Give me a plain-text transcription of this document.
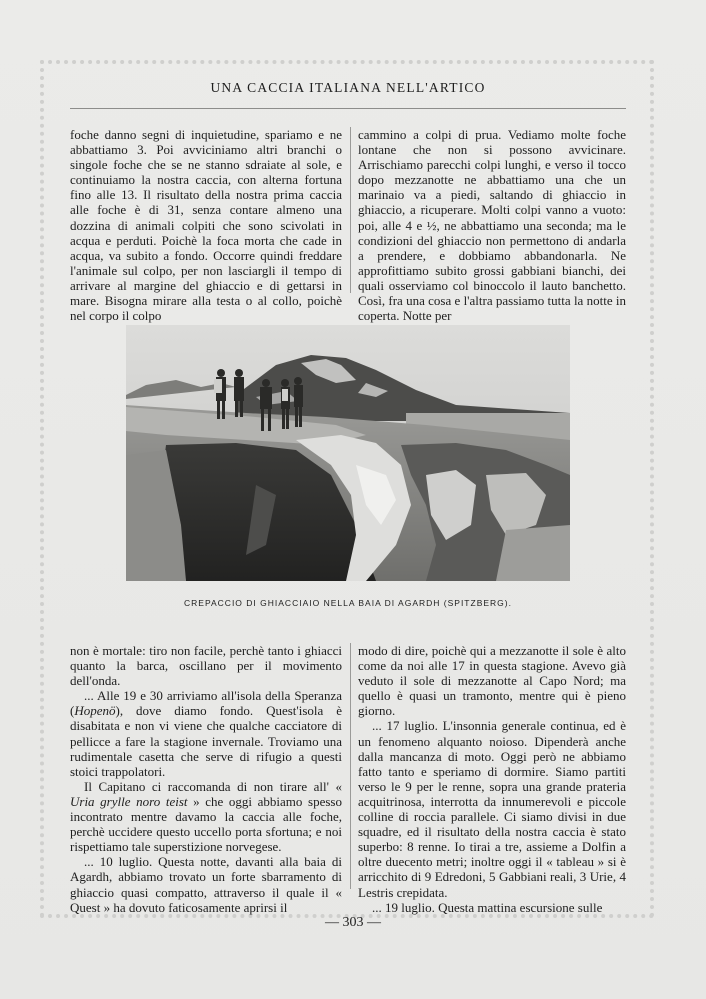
UNA CACCIA ITALIANA NELL'ARTICO

foche danno segni di inquietudine, spariamo e ne abbattiamo 3. Poi avviciniamo altri branchi o singole foche che se ne stanno sdraiate al sole, e continuiamo la nostra caccia, con alterna fortuna fino alle 13. Il risultato della nostra prima caccia alle foche è di 31, senza contare almeno una dozzina di animali colpiti che sono scivolati in acqua e perduti. Poichè la foca morta che cade in acqua, va subito a fondo. Occorre quindi freddare l'animale sul colpo, per non lasciargli il tempo di arrivare al margine del ghiaccio e di gettarsi in mare. Bisogna mirare alla testa o al collo, poichè nel corpo il colpo

cammino a colpi di prua. Vediamo molte foche lontane che non si possono avvicinare. Arrischiamo parecchi colpi lunghi, e verso il tocco dopo mezzanotte ne abbattiamo una che un marinaio va a piedi, saltando di ghiaccio in ghiaccio, a ricuperare. Molti colpi vanno a vuoto: poi, alle 4 e ½, ne abbattiamo una seconda; ma le condizioni del ghiaccio non permettono di andarla a prendere, e dobbiamo abbandonarla. Ne approfittiamo subito grossi gabbiani bianchi, dei quali osserviamo col binoccolo il lauto banchetto. Così, fra una cosa e l'altra passiamo tutta la notte in coperta. Notte per

CREPACCIO DI GHIACCIAIO NELLA BAIA DI AGARDH (SPITZBERG).

non è mortale: tiro non facile, perchè tanto i ghiacci quanto la barca, oscillano per il movimento dell'onda.

... Alle 19 e 30 arriviamo all'isola della Speranza (Hopenö), dove diamo fondo. Quest'isola è disabitata e non vi viene che qualche cacciatore di pellicce a fare la stagione invernale. Troviamo una rudimentale casetta che serve di rifugio a questi stoici trappolatori.

Il Capitano ci raccomanda di non tirare all' « Uria grylle noro teist » che oggi abbiamo spesso incontrato mentre davamo la caccia alle foche, perchè uccidere questo uccello porta sfortuna; e noi rispettiamo tale superstizione norvegese.

... 10 luglio. Questa notte, davanti alla baia di Agardh, abbiamo trovato un forte sbarramento di ghiaccio quasi compatto, attraverso il quale il « Quest » ha dovuto faticosamente aprirsi il

modo di dire, poichè qui a mezzanotte il sole è alto come da noi alle 17 in questa stagione. Avevo già veduto il sole di mezzanotte al Capo Nord; ma quello è quasi un tramonto, mentre qui è pieno giorno.

... 17 luglio. L'insonnia generale continua, ed è un fenomeno alquanto noioso. Dipenderà anche dalla mancanza di moto. Oggi però ne abbiamo fatto tanto e speriamo di dormire. Siamo partiti verso le 9 per le renne, sopra una grande prateria acquitrinosa, interrotta da innumerevoli e piccole colline di roccia parallele. Ci siamo divisi in due squadre, ed il risultato della nostra caccia è stato superbo: 8 renne. Io tirai a tre, assieme a Dolfin a oltre duecento metri; inoltre oggi il « tableau » si è arricchito di 9 Edredoni, 5 Gabbiani reali, 3 Urie, 4 Lestris crepidata.

... 19 luglio. Questa mattina escursione sulle

— 303 —
